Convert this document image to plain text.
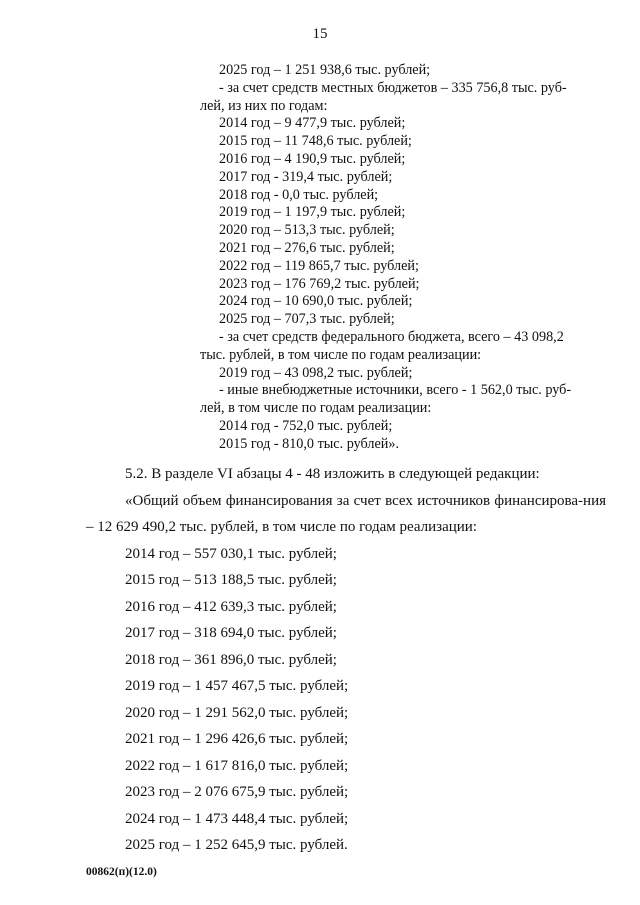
15
2025 год – 1 251 938,6 тыс. рублей;
- за счет средств местных бюджетов – 335 756,8 тыс. руб-
лей, из них по годам:
2014 год – 9 477,9 тыс. рублей;
2015 год – 11 748,6 тыс. рублей;
2016 год – 4 190,9 тыс. рублей;
2017 год - 319,4 тыс. рублей;
2018 год - 0,0 тыс. рублей;
2019 год – 1 197,9 тыс. рублей;
2020 год – 513,3 тыс. рублей;
2021 год – 276,6 тыс. рублей;
2022 год – 119 865,7 тыс. рублей;
2023 год – 176 769,2 тыс. рублей;
2024 год – 10 690,0 тыс. рублей;
2025 год – 707,3 тыс. рублей;
- за счет средств федерального бюджета, всего – 43 098,2
тыс. рублей, в том числе по годам реализации:
2019 год – 43 098,2 тыс. рублей;
- иные внебюджетные источники, всего - 1 562,0 тыс. руб-
лей, в том числе по годам реализации:
2014 год - 752,0 тыс. рублей;
2015 год - 810,0 тыс. рублей».
5.2. В разделе VI абзацы 4 - 48 изложить в следующей редакции:
«Общий объем финансирования за счет всех источников финансирова-ния – 12 629 490,2 тыс. рублей, в том числе по годам реализации:
2014 год – 557 030,1 тыс. рублей;
2015 год – 513 188,5 тыс. рублей;
2016 год – 412 639,3 тыс. рублей;
2017 год – 318 694,0 тыс. рублей;
2018 год – 361 896,0 тыс. рублей;
2019 год – 1 457 467,5 тыс. рублей;
2020 год – 1 291 562,0 тыс. рублей;
2021 год – 1 296 426,6 тыс. рублей;
2022 год – 1 617 816,0 тыс. рублей;
2023 год – 2 076 675,9 тыс. рублей;
2024 год – 1 473 448,4 тыс. рублей;
2025 год – 1 252 645,9 тыс. рублей.
00862(п)(12.0)
